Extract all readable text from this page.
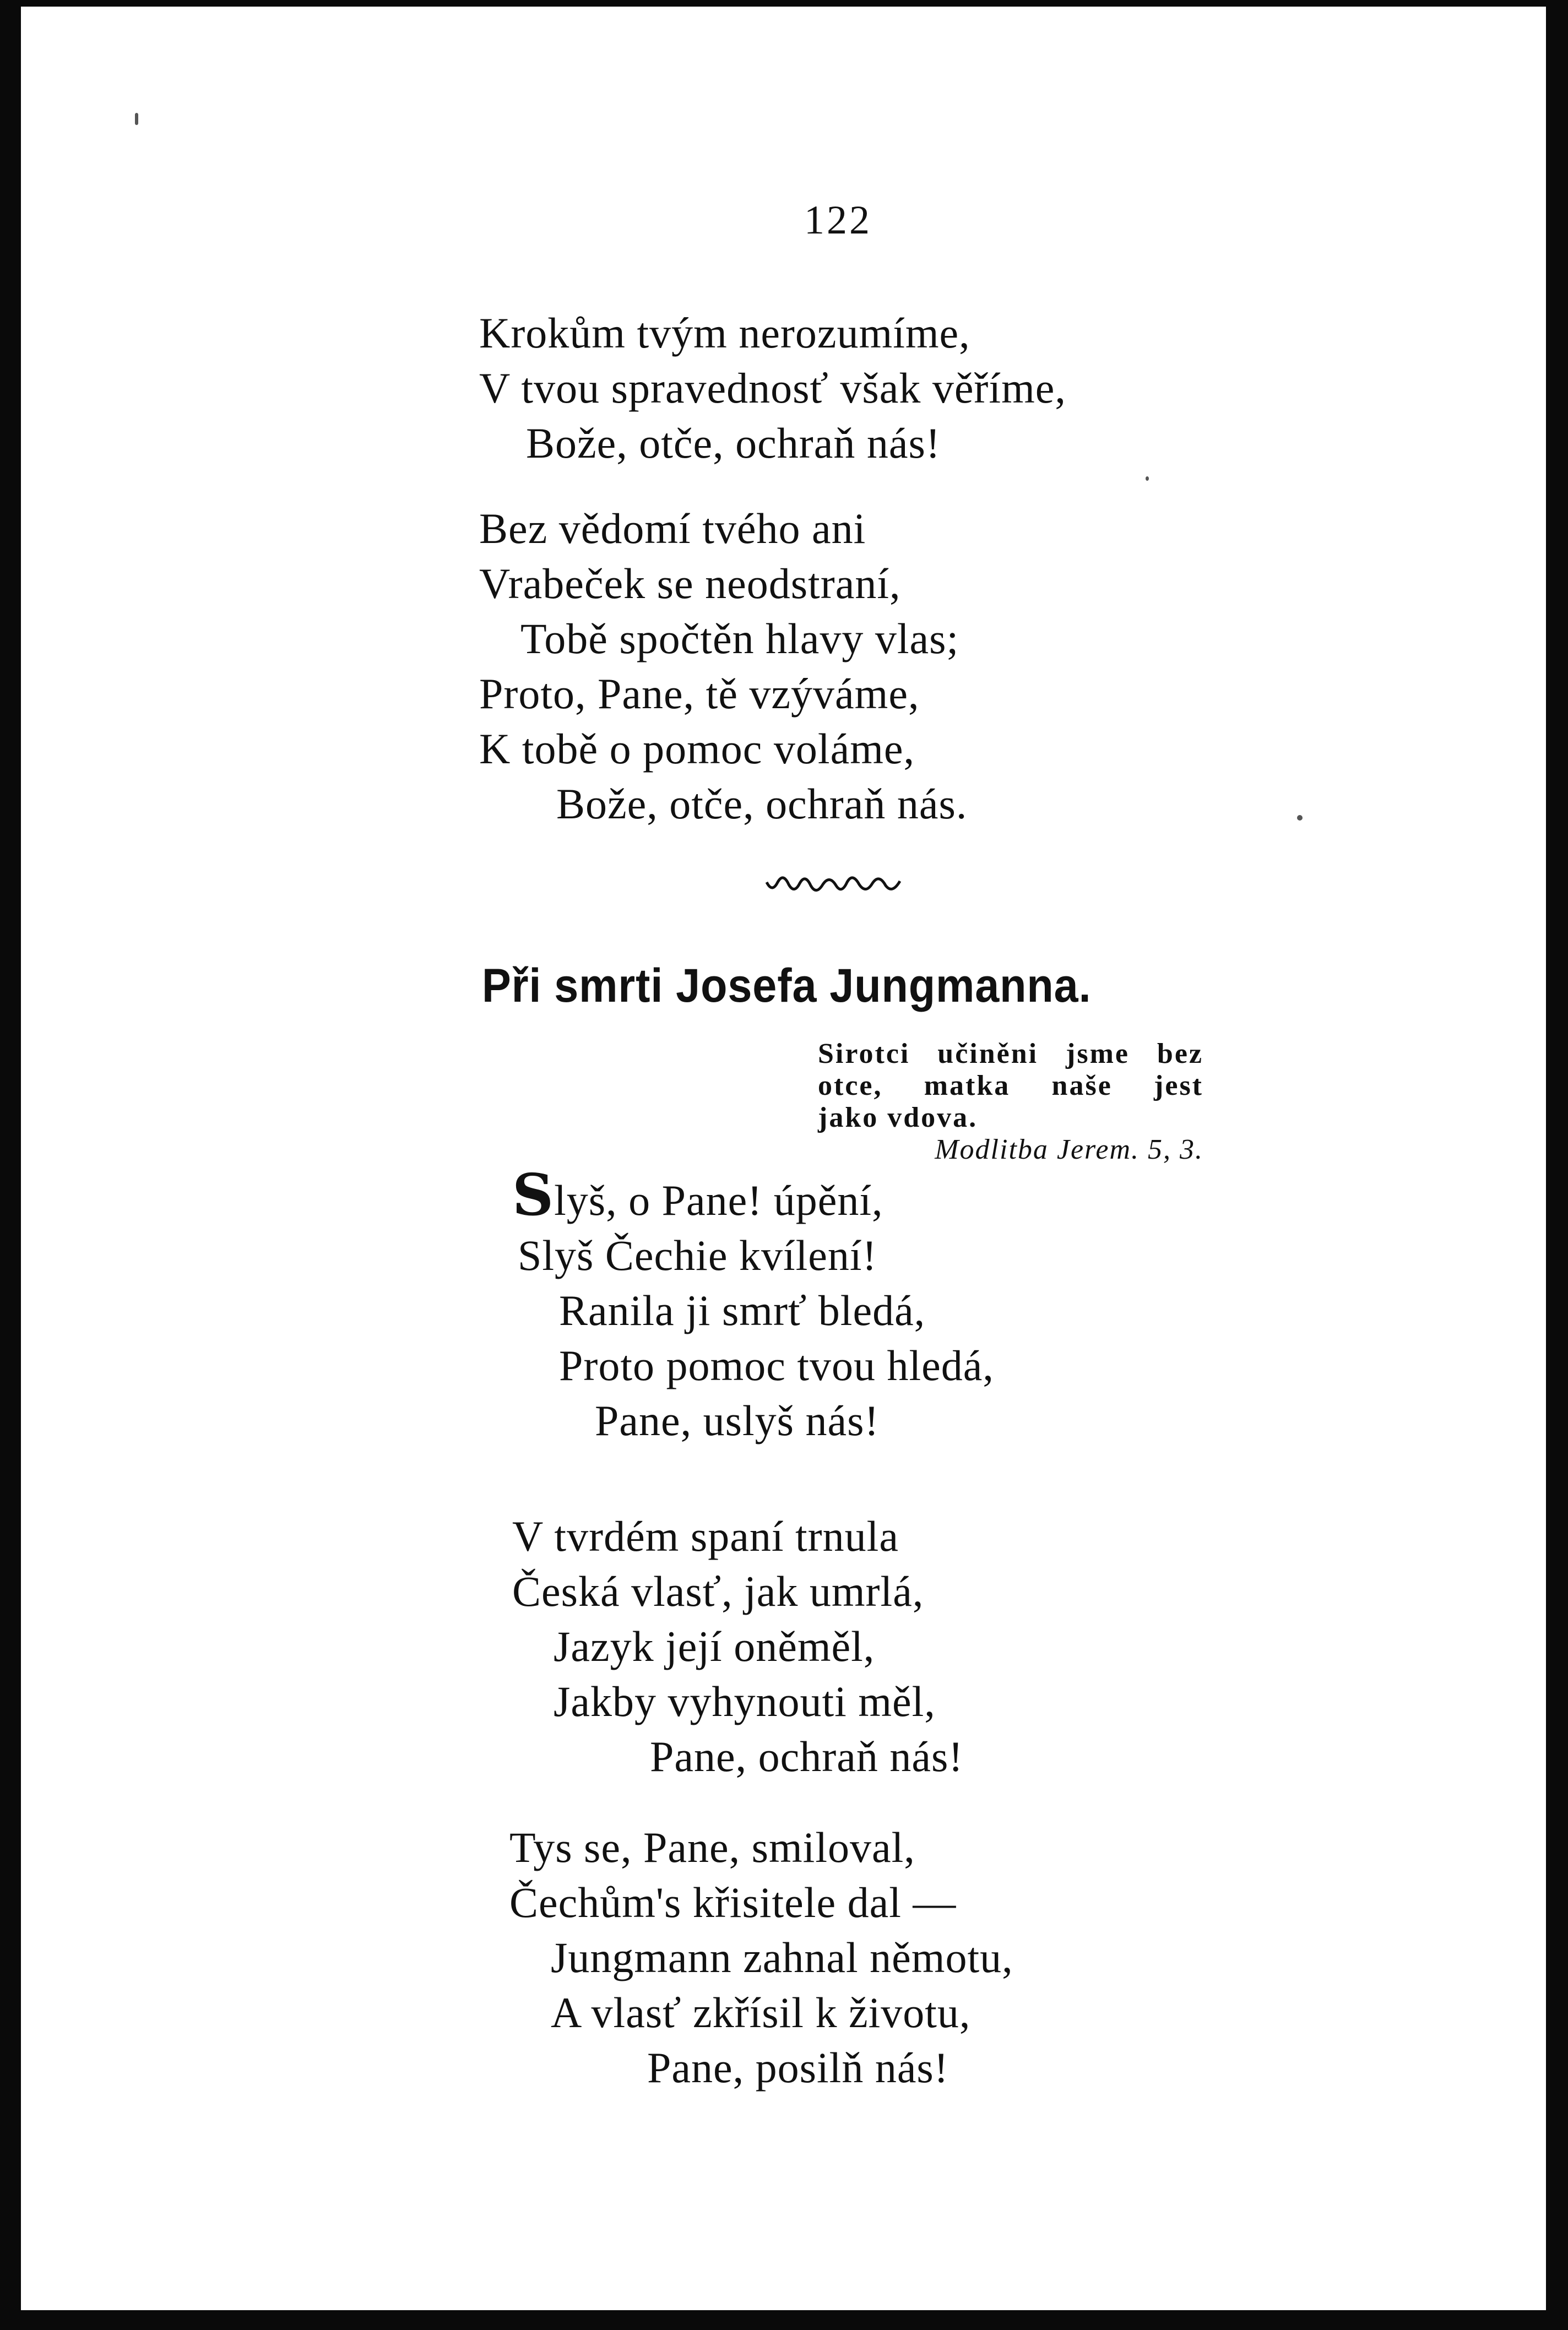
122
Krokům tvým nerozumíme,
V tvou spravednosť však věříme,
Bože, otče, ochraň nás!
Bez vědomí tvého ani
Vrabeček se neodstraní,
Tobě spočtěn hlavy vlas;
Proto, Pane, tě vzýváme,
K tobě o pomoc voláme,
Bože, otče, ochraň nás.
Při smrti Josefa Jungmanna.
Sirotci učiněni jsme bez
otce, matka naše jest
jako vdova.
Modlitba Jerem. 5, 3.
Slyš, o Pane! úpění,
Slyš Čechie kvílení!
Ranila ji smrť bledá,
Proto pomoc tvou hledá,
Pane, uslyš nás!
V tvrdém spaní trnula
Česká vlasť, jak umrlá,
Jazyk její oněměl,
Jakby vyhynouti měl,
Pane, ochraň nás!
Tys se, Pane, smiloval,
Čechům's křisitele dal —
Jungmann zahnal němotu,
A vlasť zkřísil k životu,
Pane, posilň nás!
